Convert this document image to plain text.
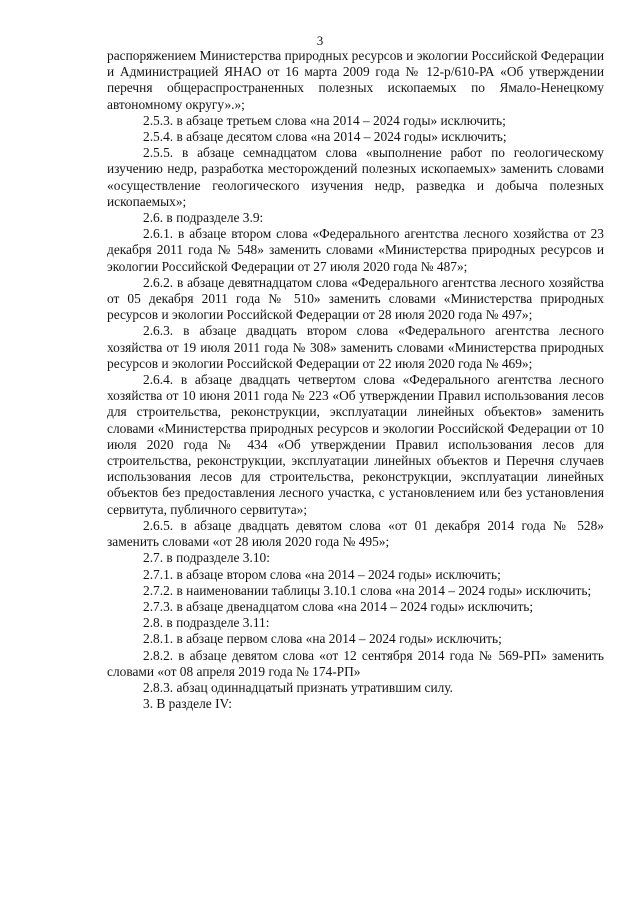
3

распоряжением Министерства природных ресурсов и экологии Российской Федерации и Администрацией ЯНАО от 16 марта 2009 года № 12-р/610-РА «Об утверждении перечня общераспространенных полезных ископаемых по Ямало-Ненецкому автономному округу».»;

2.5.3. в абзаце третьем слова «на 2014 – 2024 годы» исключить;

2.5.4. в абзаце десятом слова «на 2014 – 2024 годы» исключить;

2.5.5. в абзаце семнадцатом слова «выполнение работ по геологическому изучению недр, разработка месторождений полезных ископаемых» заменить словами «осуществление геологического изучения недр, разведка и добыча полезных ископаемых»;

2.6. в подразделе 3.9:

2.6.1. в абзаце втором слова «Федерального агентства лесного хозяйства от 23 декабря 2011 года № 548» заменить словами «Министерства природных ресурсов и экологии Российской Федерации от 27 июля 2020 года № 487»;

2.6.2. в абзаце девятнадцатом слова «Федерального агентства лесного хозяйства от 05 декабря 2011 года № 510» заменить словами «Министерства природных ресурсов и экологии Российской Федерации от 28 июля 2020 года № 497»;

2.6.3. в абзаце двадцать втором слова «Федерального агентства лесного хозяйства от 19 июля 2011 года № 308» заменить словами «Министерства природных ресурсов и экологии Российской Федерации от 22 июля 2020 года № 469»;

2.6.4. в абзаце двадцать четвертом слова «Федерального агентства лесного хозяйства от 10 июня 2011 года № 223 «Об утверждении Правил использования лесов для строительства, реконструкции, эксплуатации линейных объектов» заменить словами «Министерства природных ресурсов и экологии Российской Федерации от 10 июля 2020 года № 434 «Об утверждении Правил использования лесов для строительства, реконструкции, эксплуатации линейных объектов и Перечня случаев использования лесов для строительства, реконструкции, эксплуатации линейных объектов без предоставления лесного участка, с установлением или без установления сервитута, публичного сервитута»;

2.6.5. в абзаце двадцать девятом слова «от 01 декабря 2014 года № 528» заменить словами «от 28 июля 2020 года № 495»;

2.7. в подразделе 3.10:

2.7.1. в абзаце втором слова «на 2014 – 2024 годы» исключить;

2.7.2. в наименовании таблицы 3.10.1 слова «на 2014 – 2024 годы» исключить;

2.7.3. в абзаце двенадцатом слова «на 2014 – 2024 годы» исключить;

2.8. в подразделе 3.11:

2.8.1. в абзаце первом слова «на 2014 – 2024 годы» исключить;

2.8.2. в абзаце девятом слова «от 12 сентября 2014 года № 569-РП» заменить словами «от 08 апреля 2019 года № 174-РП»

2.8.3. абзац одиннадцатый признать утратившим силу.

3. В разделе IV:
